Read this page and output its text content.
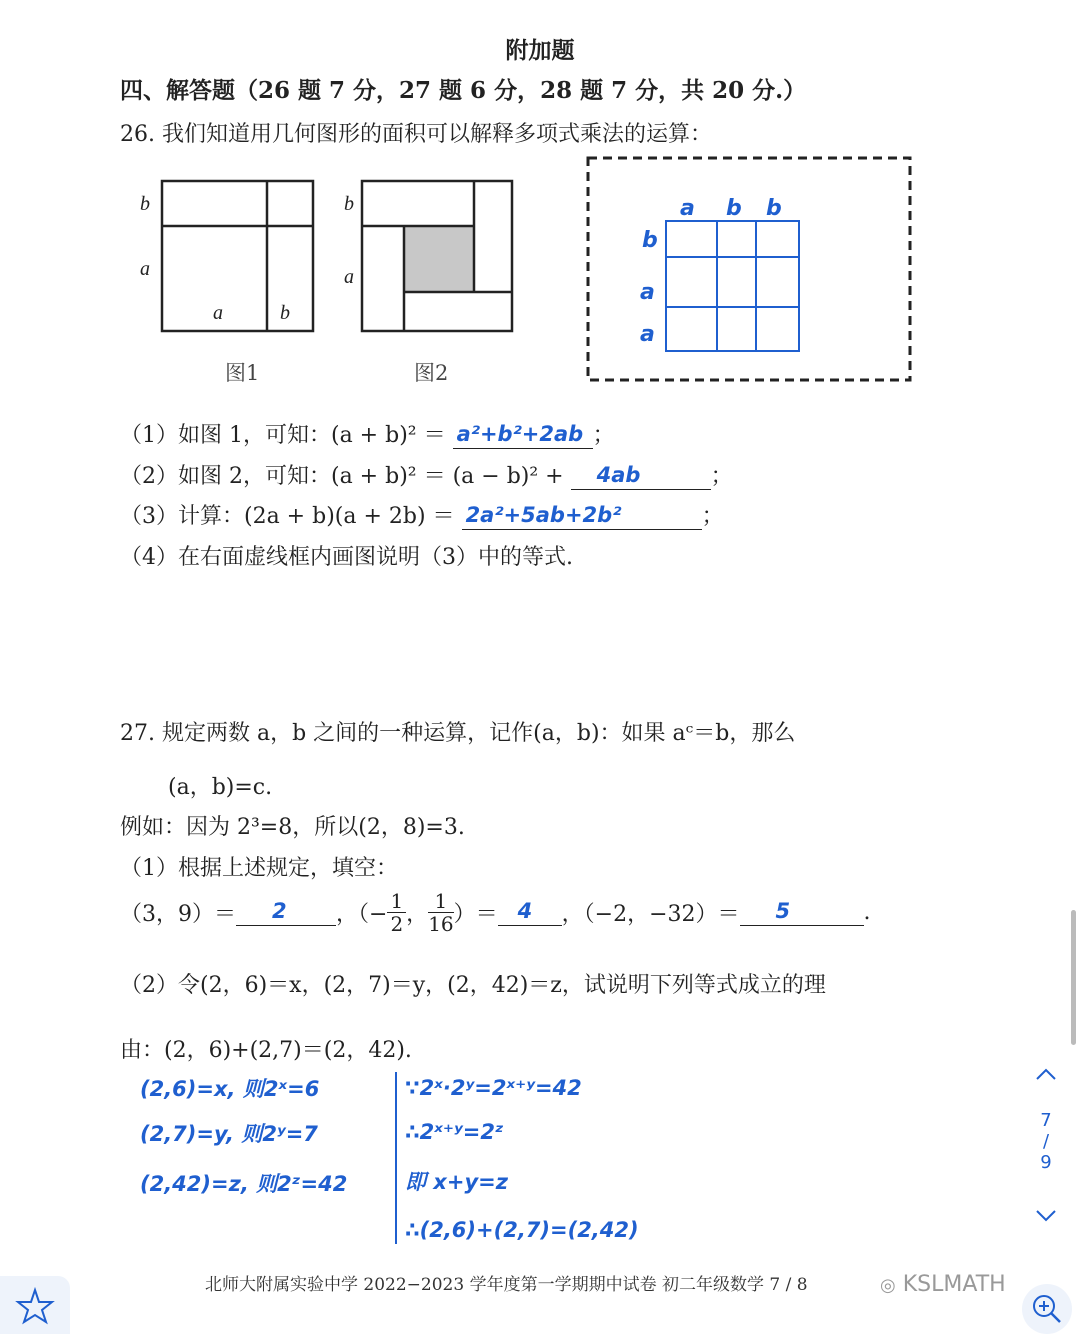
附加题
四、解答题（26 题 7 分，27 题 6 分，28 题 7 分，共 20 分.）
26. 我们知道用几何图形的面积可以解释多项式乘法的运算：
b
a
a	b
图1
b
a
图2
a b b
b
a
a
（1）如图 1，可知：(a + b)² ＝ a²+b²+2ab ；
（2）如图 2，可知：(a + b)² ＝ (a − b)² + 4ab	；
（3）计算：(2a + b)(a + 2b) ＝ 2a²+5ab+2b²	；
（4）在右面虚线框内画图说明（3）中的等式.
27. 规定两数 a，b 之间的一种运算，记作(a，b)：如果 aᶜ＝b，那么
(a，b)=c.
例如：因为 2³=8，所以(2，8)=3.
（1）根据上述规定，填空：
（3，9）＝ 2 ，（− $\frac{1}{2}$ ， $\frac{1}{16}$ ）＝ 4 ，（−2，−32）＝ 5	.
（2）令(2，6)＝x，(2，7)＝y，(2，42)＝z，试说明下列等式成立的理
由：(2，6)+(2,7)＝(2，42).
(2,6)=x, 则2ˣ=6
(2,7)=y, 则2ʸ=7
(2,42)=z, 则2ᶻ=42
∵2ˣ·2ʸ=2ˣ⁺ʸ=42
∴2ˣ⁺ʸ=2ᶻ
即 x+y=z
∴(2,6)+(2,7)=(2,42)
北师大附属实验中学 2022−2023 学年度第一学期期中试卷 初二年级数学 7 / 8	◎ KSLMATH
7
/
9
